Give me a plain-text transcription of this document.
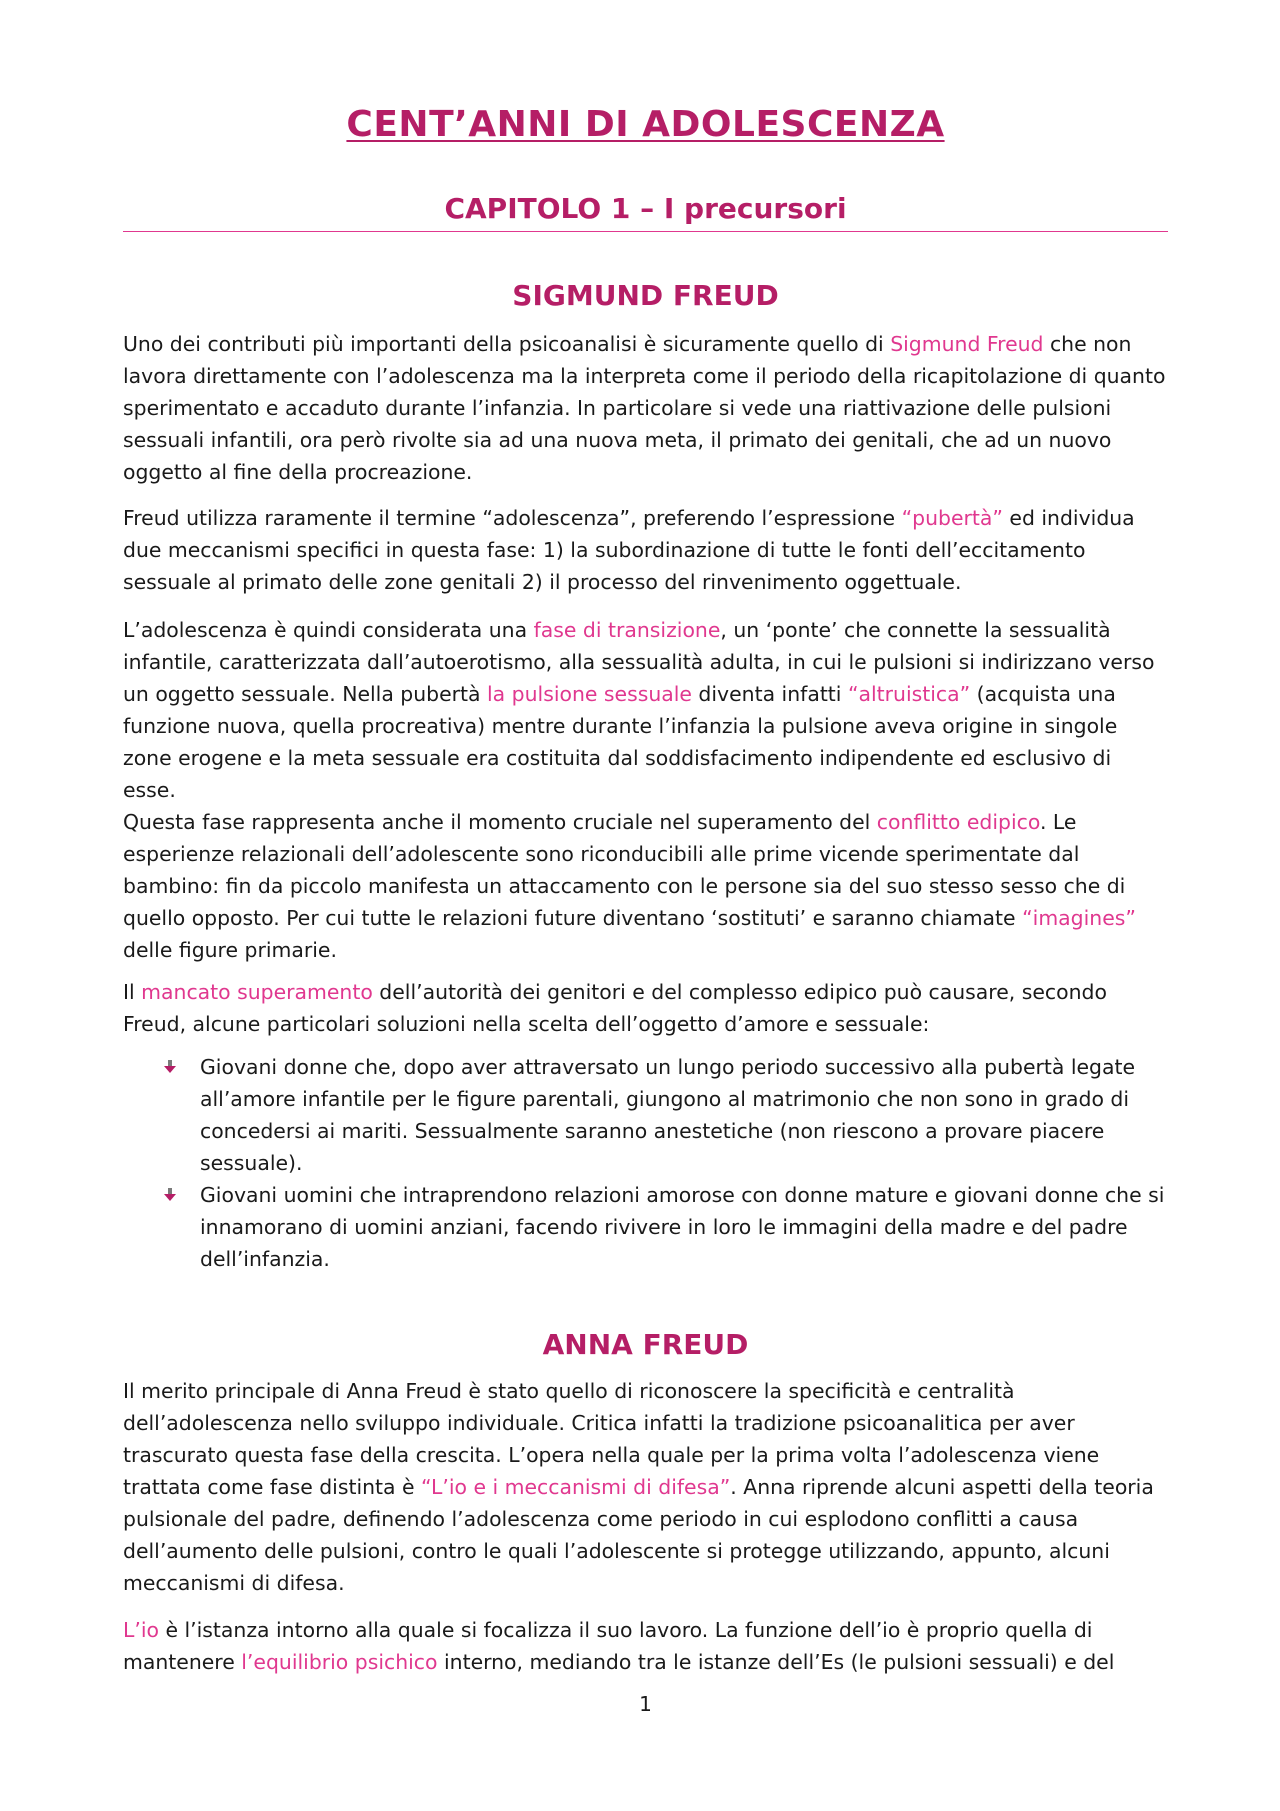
CENT’ANNI DI ADOLESCENZA
CAPITOLO 1 – I precursori
SIGMUND FREUD

Uno dei contributi più importanti della psicoanalisi è sicuramente quello di Sigmund Freud che non lavora direttamente con l’adolescenza ma la interpreta come il periodo della ricapitolazione di quanto sperimentato e accaduto durante l’infanzia. In particolare si vede una riattivazione delle pulsioni sessuali infantili, ora però rivolte sia ad una nuova meta, il primato dei genitali, che ad un nuovo oggetto al fine della procreazione.

Freud utilizza raramente il termine “adolescenza”, preferendo l’espressione “pubertà” ed individua due meccanismi specifici in questa fase: 1) la subordinazione di tutte le fonti dell’eccitamento sessuale al primato delle zone genitali 2) il processo del rinvenimento oggettuale.

L’adolescenza è quindi considerata una fase di transizione, un ‘ponte’ che connette la sessualità infantile, caratterizzata dall’autoerotismo, alla sessualità adulta, in cui le pulsioni si indirizzano verso un oggetto sessuale. Nella pubertà la pulsione sessuale diventa infatti “altruistica” (acquista una funzione nuova, quella procreativa) mentre durante l’infanzia la pulsione aveva origine in singole zone erogene e la meta sessuale era costituita dal soddisfacimento indipendente ed esclusivo di esse.

Questa fase rappresenta anche il momento cruciale nel superamento del conflitto edipico. Le esperienze relazionali dell’adolescente sono riconducibili alle prime vicende sperimentate dal bambino: fin da piccolo manifesta un attaccamento con le persone sia del suo stesso sesso che di quello opposto. Per cui tutte le relazioni future diventano ‘sostituti’ e saranno chiamate “imagines” delle figure primarie.

Il mancato superamento dell’autorità dei genitori e del complesso edipico può causare, secondo Freud, alcune particolari soluzioni nella scelta dell’oggetto d’amore e sessuale:

Giovani donne che, dopo aver attraversato un lungo periodo successivo alla pubertà legate all’amore infantile per le figure parentali, giungono al matrimonio che non sono in grado di concedersi ai mariti. Sessualmente saranno anestetiche (non riescono a provare piacere sessuale).
Giovani uomini che intraprendono relazioni amorose con donne mature e giovani donne che si innamorano di uomini anziani, facendo rivivere in loro le immagini della madre e del padre dell’infanzia.
ANNA FREUD

Il merito principale di Anna Freud è stato quello di riconoscere la specificità e centralità dell’adolescenza nello sviluppo individuale. Critica infatti la tradizione psicoanalitica per aver trascurato questa fase della crescita. L’opera nella quale per la prima volta l’adolescenza viene trattata come fase distinta è “L’io e i meccanismi di difesa”. Anna riprende alcuni aspetti della teoria pulsionale del padre, definendo l’adolescenza come periodo in cui esplodono conflitti a causa dell’aumento delle pulsioni, contro le quali l’adolescente si protegge utilizzando, appunto, alcuni meccanismi di difesa.

L’io è l’istanza intorno alla quale si focalizza il suo lavoro. La funzione dell’io è proprio quella di mantenere l’equilibrio psichico interno, mediando tra le istanze dell’Es (le pulsioni sessuali) e del

1
